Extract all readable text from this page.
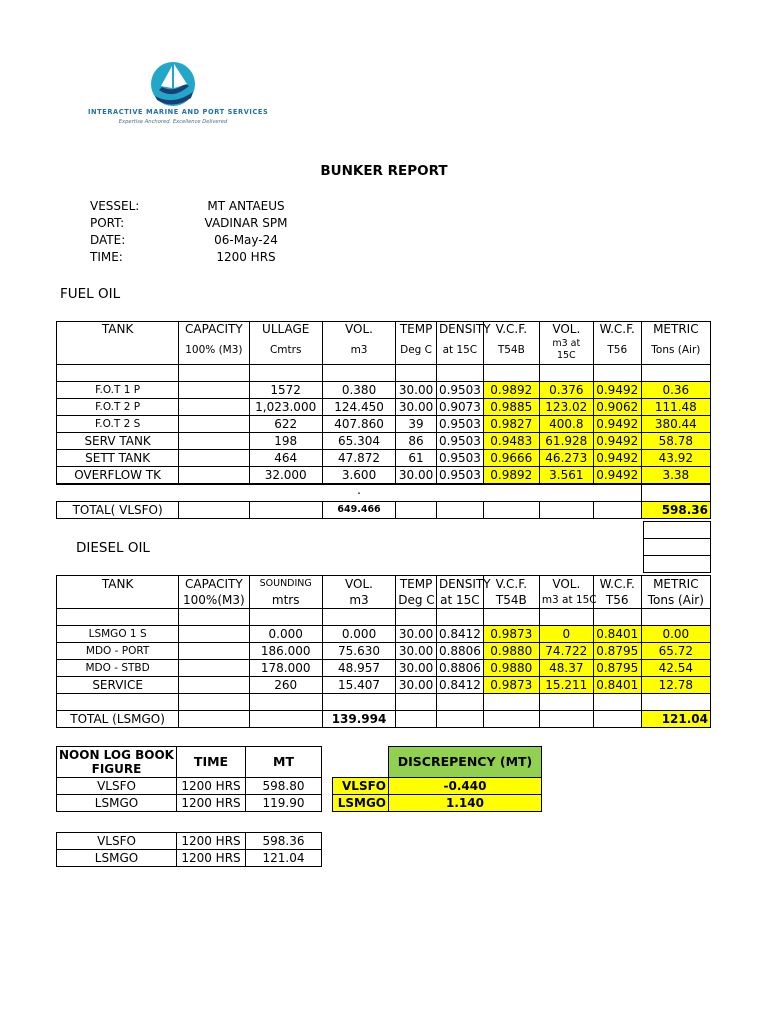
INTERACTIVE MARINE AND PORT SERVICES
Expertise Anchored. Excellence Delivered
BUNKER REPORT
VESSEL:	MT ANTAEUS
PORT:	VADINAR SPM
DATE:	06-May-24
TIME:	1200 HRS
FUEL OIL
TANK	CAPACITY	ULLAGE	VOL.	TEMP	DENSITY	V.C.F.	VOL.	W.C.F.	METRIC
	100% (M3)	Cmtrs	m3	Deg C	at 15C	T54B	m3 at 15C	T56	Tons (Air)

F.O.T 1 P		1572	0.380	30.00	0.9503	0.9892	0.376	0.9492	0.36
F.O.T 2 P		1,023.000	124.450	30.00	0.9073	0.9885	123.02	0.9062	111.48
F.O.T 2 S		622	407.860	39	0.9503	0.9827	400.8	0.9492	380.44
SERV TANK		198	65.304	86	0.9503	0.9483	61.928	0.9492	58.78
SETT TANK		464	47.872	61	0.9503	0.9666	46.273	0.9492	43.92
OVERFLOW TK		32.000	3.600	30.00	0.9503	0.9892	3.561	0.9492	3.38
			.						
TOTAL( VLSFO)			649.466						598.36

DIESEL OIL
TANK	CAPACITY	SOUNDING	VOL.	TEMP	DENSITY	V.C.F.	VOL.	W.C.F.	METRIC
	100%(M3)	mtrs	m3	Deg C	at 15C	T54B	m3 at 15C	T56	Tons (Air)

LSMGO 1 S		0.000	0.000	30.00	0.8412	0.9873	0	0.8401	0.00
MDO - PORT		186.000	75.630	30.00	0.8806	0.9880	74.722	0.8795	65.72
MDO - STBD		178.000	48.957	30.00	0.8806	0.9880	48.37	0.8795	42.54
SERVICE		260	15.407	30.00	0.8412	0.9873	15.211	0.8401	12.78

TOTAL (LSMGO)			139.994						121.04
NOON LOG BOOK FIGURE	TIME	MT
VLSFO	1200 HRS	598.80
LSMGO	1200 HRS	119.90
	DISCREPENCY (MT)
VLSFO	-0.440
LSMGO	1.140
VLSFO	1200 HRS	598.36
LSMGO	1200 HRS	121.04
